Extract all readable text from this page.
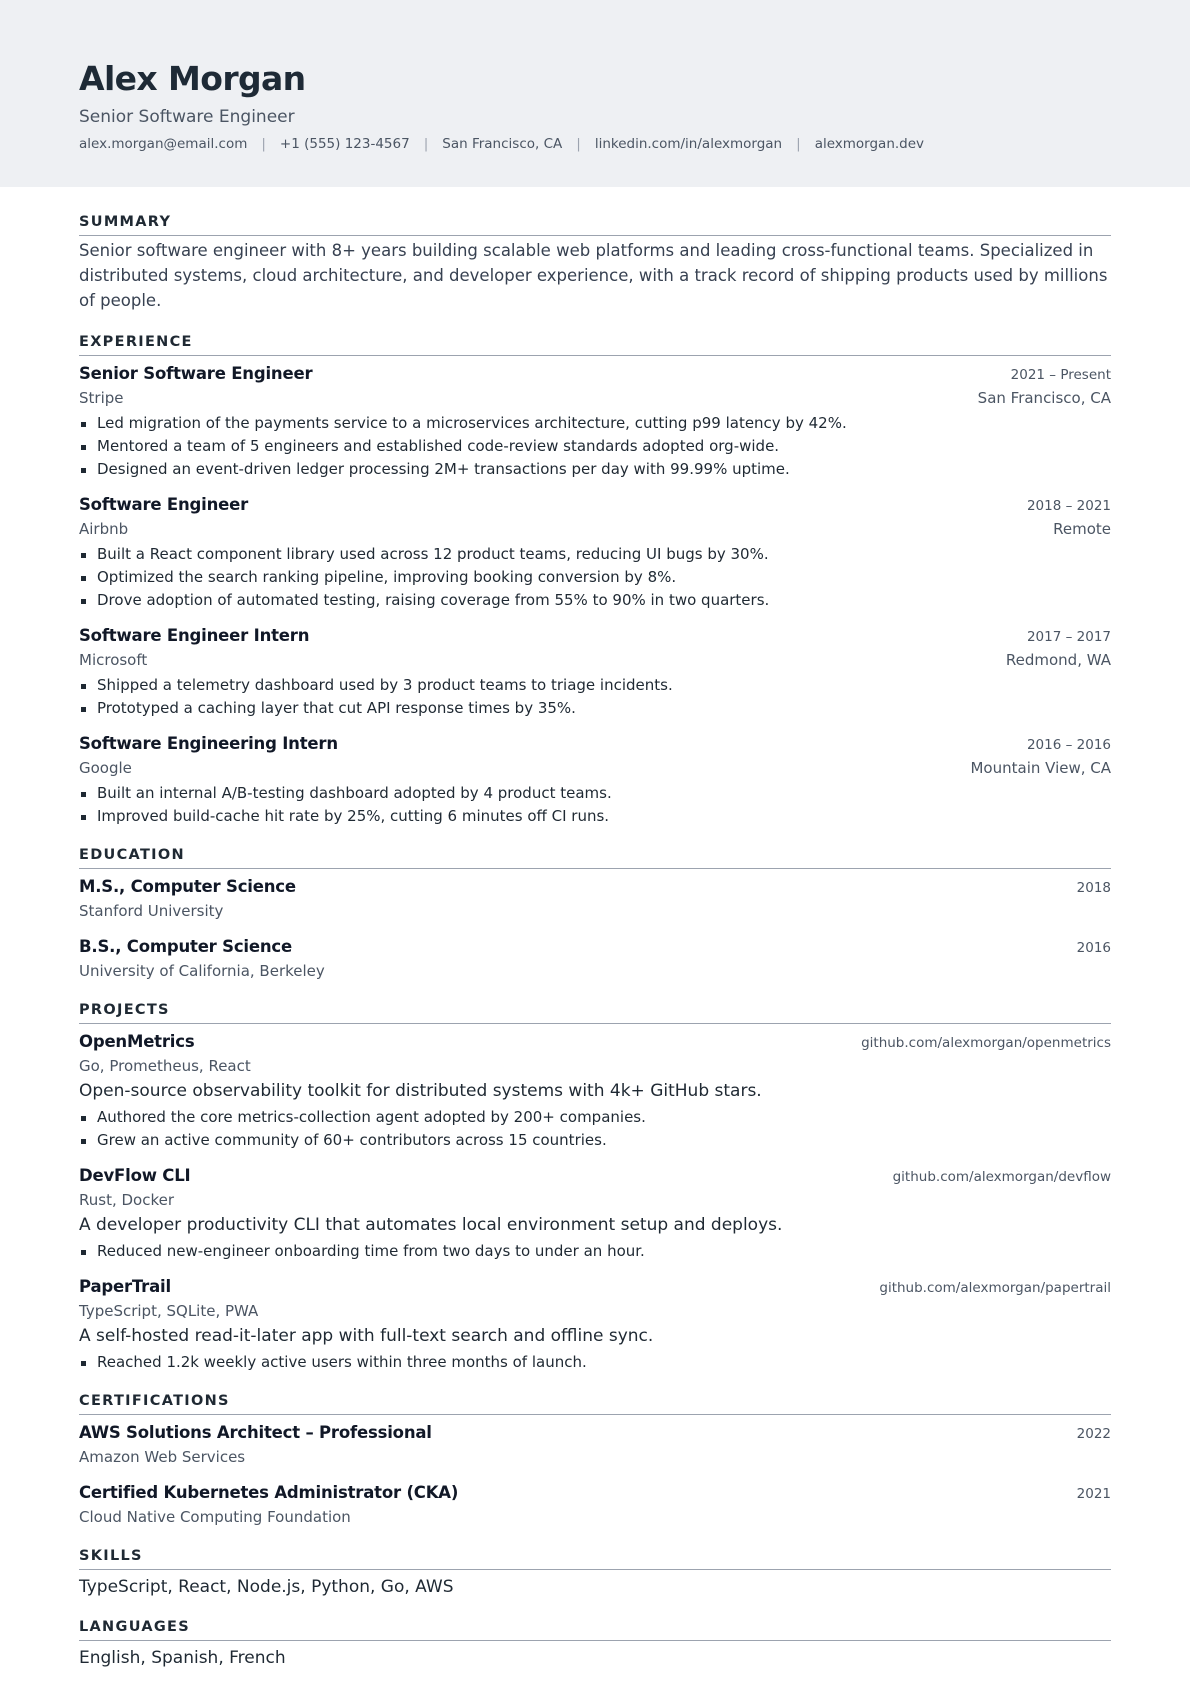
Alex Morgan
Senior Software Engineer
alex.morgan@email.com | +1 (555) 123-4567 | San Francisco, CA | linkedin.com/in/alexmorgan | alexmorgan.dev
SUMMARY
Senior software engineer with 8+ years building scalable web platforms and leading cross-functional teams. Specialized in distributed systems, cloud architecture, and developer experience, with a track record of shipping products used by millions of people.
EXPERIENCE
Senior Software Engineer	2021 – Present
Stripe	San Francisco, CA
Led migration of the payments service to a microservices architecture, cutting p99 latency by 42%.
Mentored a team of 5 engineers and established code-review standards adopted org-wide.
Designed an event-driven ledger processing 2M+ transactions per day with 99.99% uptime.
Software Engineer	2018 – 2021
Airbnb	Remote
Built a React component library used across 12 product teams, reducing UI bugs by 30%.
Optimized the search ranking pipeline, improving booking conversion by 8%.
Drove adoption of automated testing, raising coverage from 55% to 90% in two quarters.
Software Engineer Intern	2017 – 2017
Microsoft	Redmond, WA
Shipped a telemetry dashboard used by 3 product teams to triage incidents.
Prototyped a caching layer that cut API response times by 35%.
Software Engineering Intern	2016 – 2016
Google	Mountain View, CA
Built an internal A/B-testing dashboard adopted by 4 product teams.
Improved build-cache hit rate by 25%, cutting 6 minutes off CI runs.
EDUCATION
M.S., Computer Science	2018
Stanford University
B.S., Computer Science	2016
University of California, Berkeley
PROJECTS
OpenMetrics	github.com/alexmorgan/openmetrics
Go, Prometheus, React
Open-source observability toolkit for distributed systems with 4k+ GitHub stars.
Authored the core metrics-collection agent adopted by 200+ companies.
Grew an active community of 60+ contributors across 15 countries.
DevFlow CLI	github.com/alexmorgan/devflow
Rust, Docker
A developer productivity CLI that automates local environment setup and deploys.
Reduced new-engineer onboarding time from two days to under an hour.
PaperTrail	github.com/alexmorgan/papertrail
TypeScript, SQLite, PWA
A self-hosted read-it-later app with full-text search and offline sync.
Reached 1.2k weekly active users within three months of launch.
CERTIFICATIONS
AWS Solutions Architect – Professional	2022
Amazon Web Services
Certified Kubernetes Administrator (CKA)	2021
Cloud Native Computing Foundation
SKILLS
TypeScript, React, Node.js, Python, Go, AWS
LANGUAGES
English, Spanish, French
